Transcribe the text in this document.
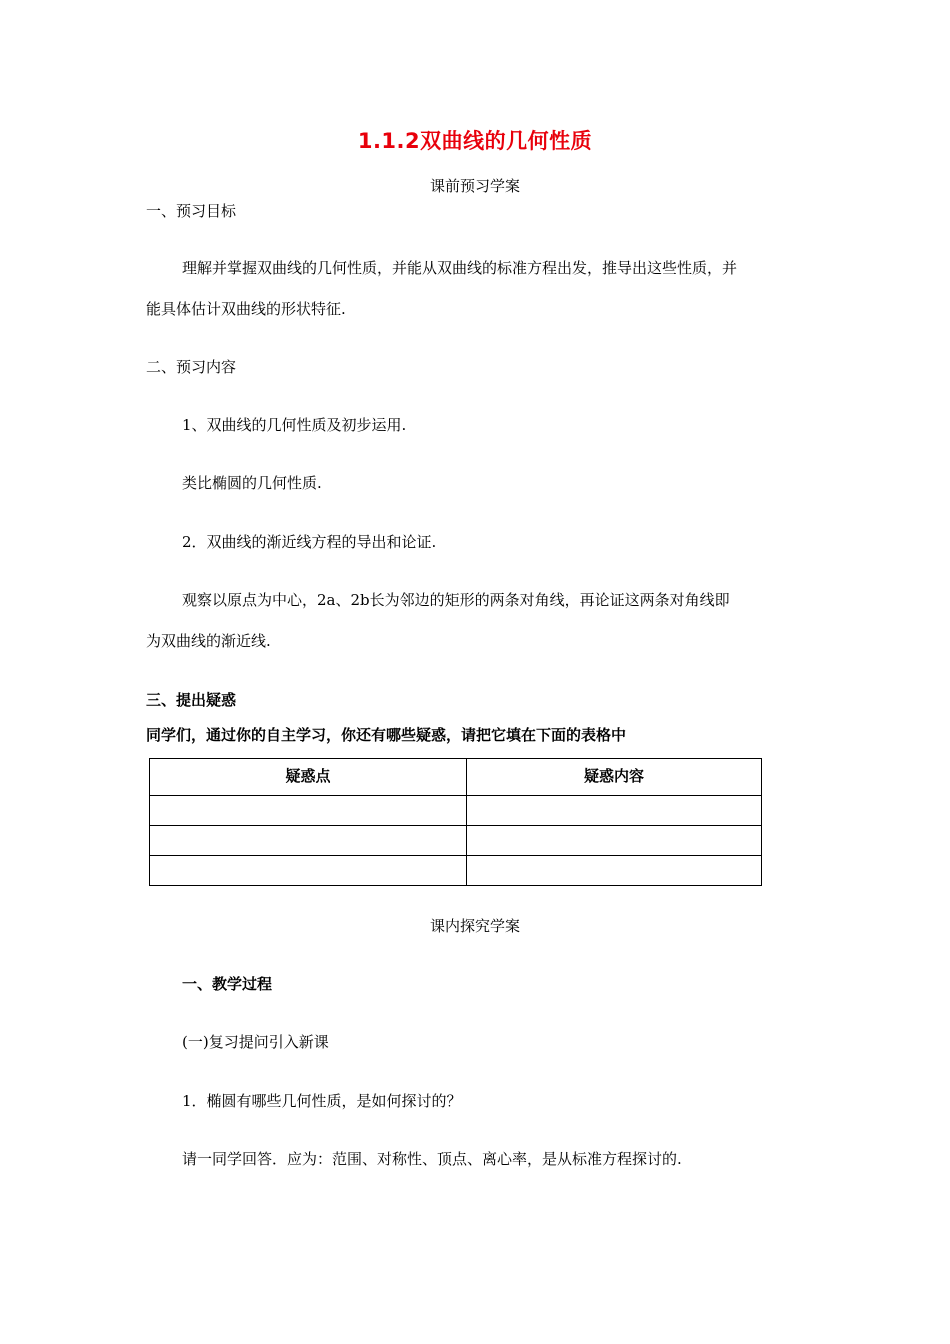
1.1.2双曲线的几何性质
课前预习学案
一、预习目标
理解并掌握双曲线的几何性质，并能从双曲线的标准方程出发，推导出这些性质，并
能具体估计双曲线的形状特征.
二、预习内容
1、双曲线的几何性质及初步运用.
类比椭圆的几何性质.
2．双曲线的渐近线方程的导出和论证.
观察以原点为中心，2a、2b长为邻边的矩形的两条对角线，再论证这两条对角线即
为双曲线的渐近线.
三、提出疑惑
同学们，通过你的自主学习，你还有哪些疑惑，请把它填在下面的表格中
疑惑点	疑惑内容

课内探究学案
一、教学过程
(一)复习提问引入新课
1．椭圆有哪些几何性质，是如何探讨的？
请一同学回答．应为：范围、对称性、顶点、离心率，是从标准方程探讨的.
